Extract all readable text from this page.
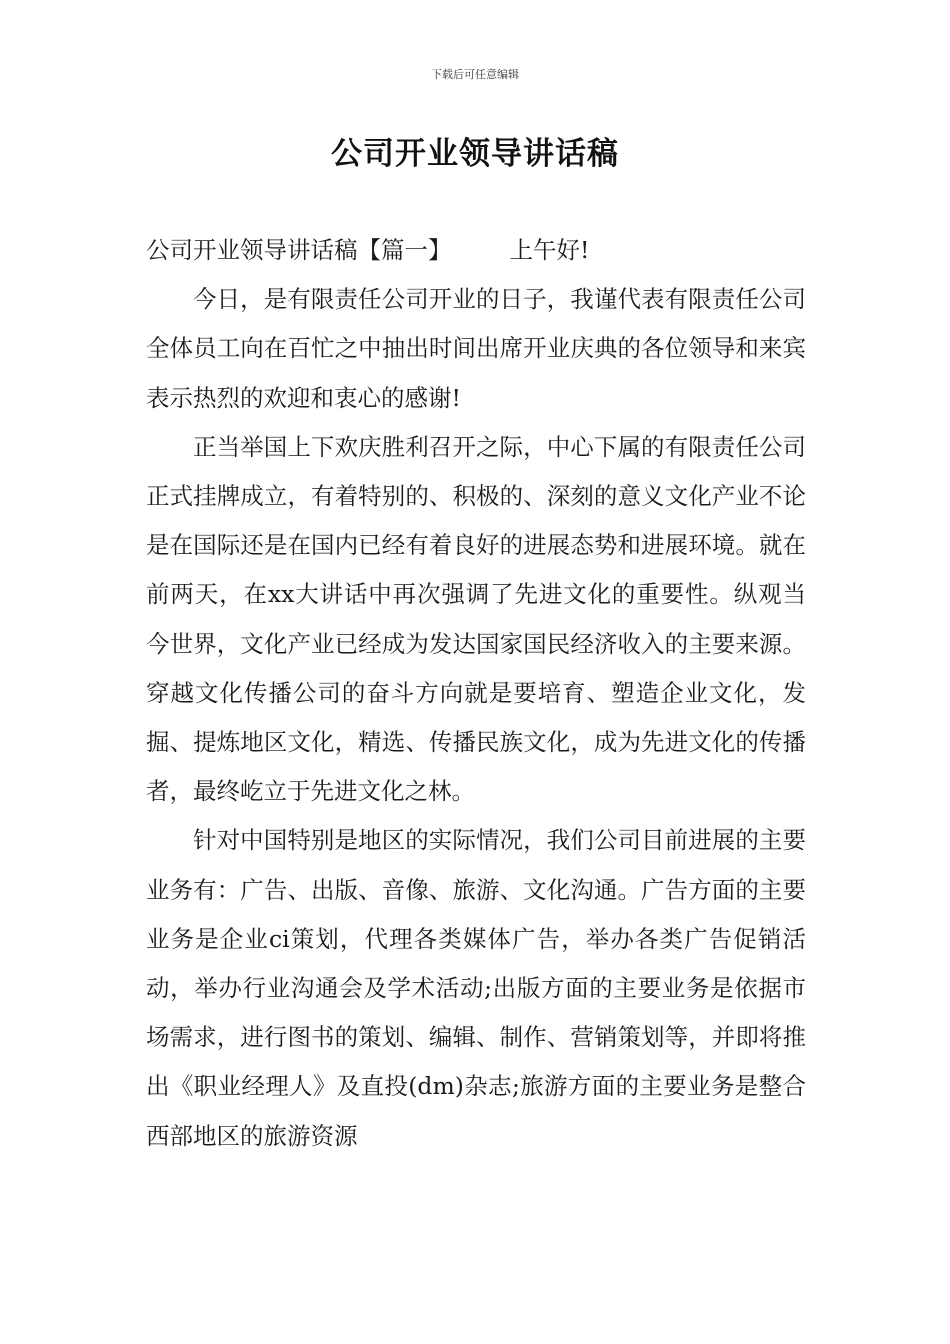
下载后可任意编辑
公司开业领导讲话稿

公司开业领导讲话稿【篇一】 上午好!

今日，是有限责任公司开业的日子，我谨代表有限责任公司全体员工向在百忙之中抽出时间出席开业庆典的各位领导和来宾表示热烈的欢迎和衷心的感谢!

正当举国上下欢庆胜利召开之际，中心下属的有限责任公司正式挂牌成立，有着特别的、积极的、深刻的意义文化产业不论是在国际还是在国内已经有着良好的进展态势和进展环境。就在前两天，在xx大讲话中再次强调了先进文化的重要性。纵观当今世界，文化产业已经成为发达国家国民经济收入的主要来源。穿越文化传播公司的奋斗方向就是要培育、塑造企业文化，发掘、提炼地区文化，精选、传播民族文化，成为先进文化的传播者，最终屹立于先进文化之林。

针对中国特别是地区的实际情况，我们公司目前进展的主要业务有：广告、出版、音像、旅游、文化沟通。广告方面的主要业务是企业ci策划，代理各类媒体广告，举办各类广告促销活动，举办行业沟通会及学术活动;出版方面的主要业务是依据市场需求，进行图书的策划、编辑、制作、营销策划等，并即将推出《职业经理人》及直投(dm)杂志;旅游方面的主要业务是整合西部地区的旅游资源
